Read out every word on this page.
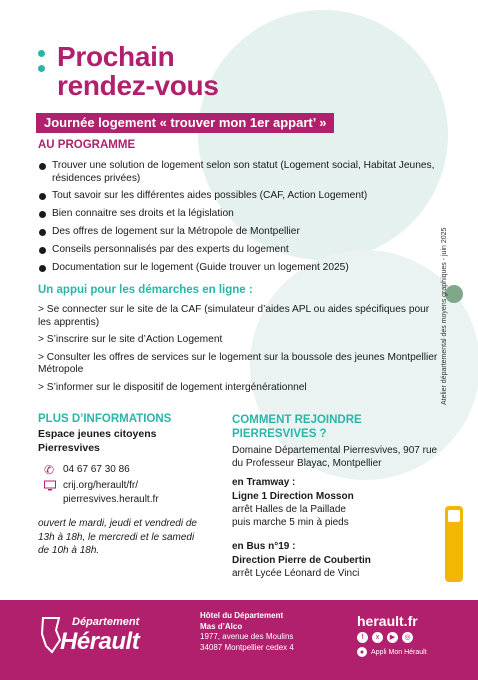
Prochain
rendez-vous
Journée logement « trouver mon 1er appart’ »
AU PROGRAMME
Trouver une solution de logement selon son statut (Logement social, Habitat Jeunes, résidences privées)
Tout savoir sur les différentes aides possibles (CAF, Action Logement)
Bien connaitre ses droits et la législation
Des offres de logement sur la Métropole de Montpellier
Conseils personnalisés par des experts du logement
Documentation sur le logement (Guide trouver un logement 2025)
Un appui pour les démarches en ligne :

> Se connecter sur le site de la CAF (simulateur d’aides APL ou aides spécifiques pour les apprentis)

> S’inscrire sur le site d’Action Logement

> Consulter les offres de services sur le logement sur la boussole des jeunes Montpellier Métropole

> S’informer sur le dispositif de logement intergénérationnel

PLUS D’INFORMATIONS
Espace jeunes citoyens
Pierresvives
✆ 04 67 67 30 86
crij.org/herault/fr/
pierresvives.herault.fr
ouvert le mardi, jeudi et vendredi de 13h à 18h, le mercredi et le samedi de 10h à 18h.
COMMENT REJOINDRE
PIERRESVIVES ?
Domaine Départemental Pierresvives, 907 rue du Professeur Blayac, Montpellier
en Tramway :
Ligne 1 Direction Mosson
arrêt Halles de la Paillade
puis marche 5 min à pieds
en Bus n°19 :
Direction Pierre de Coubertin
arrêt Lycée Léonard de Vinci
Atelier départemental des moyens graphiques - juin 2025
Département
Hérault
Hôtel du Département
Mas d’Alco
1977, avenue des Moulins
34087 Montpellier cedex 4
herault.fr
f	x	▶	◎
● Appli Mon Hérault
